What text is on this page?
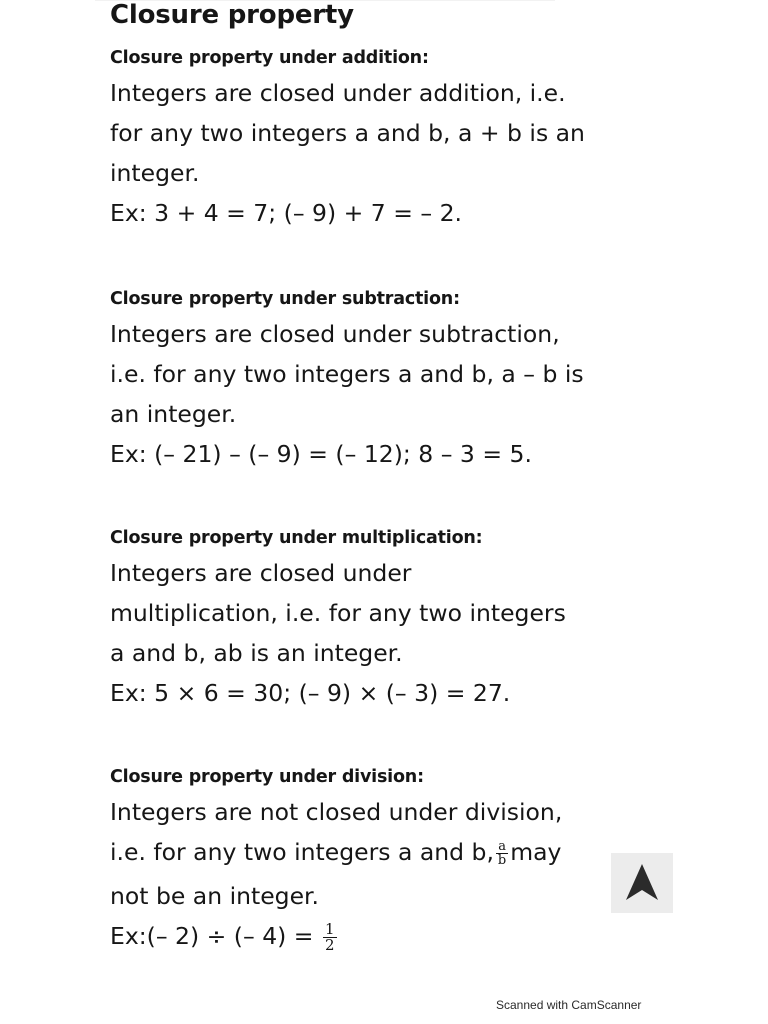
Closure property

Closure property under addition:

Integers are closed under addition, i.e.

for any two integers a and b, a + b is an

integer.

Ex: 3 + 4 = 7; (– 9) + 7 = – 2.

Closure property under subtraction:

Integers are closed under subtraction,

i.e. for any two integers a and b, a – b is

an integer.

Ex: (– 21) – (– 9) = (– 12); 8 – 3 = 5.

Closure property under multiplication:

Integers are closed under

multiplication, i.e. for any two integers

a and b, ab is an integer.

Ex: 5 × 6 = 30; (– 9) × (– 3) = 27.

Closure property under division:

Integers are not closed under division,

i.e. for any two integers a and b, $\frac{a}{b}$ may

not be an integer.

Ex:(– 2) ÷ (– $4) = \frac{1}{2}$

Scanned with CamScanner
